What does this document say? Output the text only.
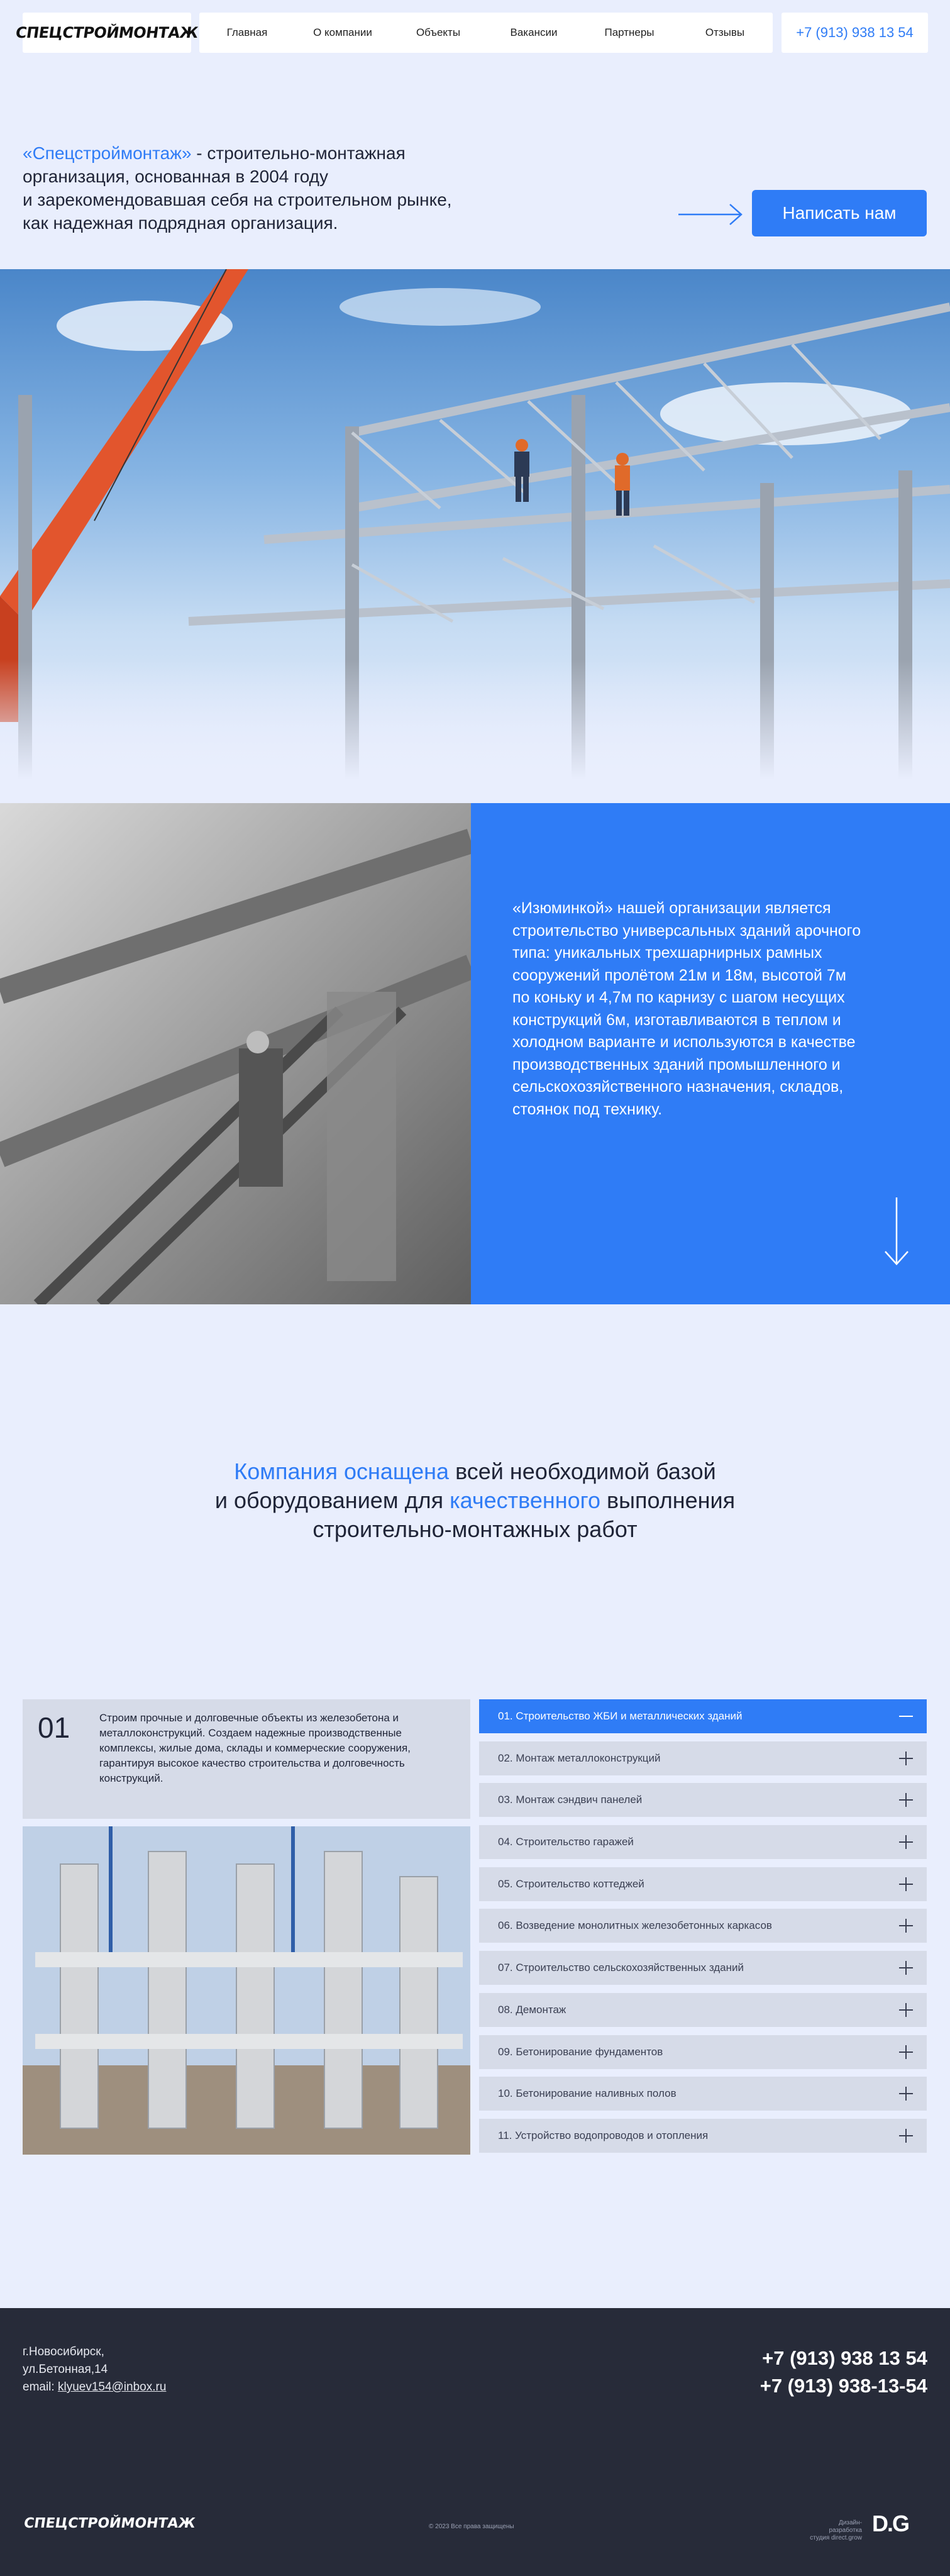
СПЕЦСТРОЙМОНТАЖ	Главная	О компании	Объекты	Вакансии	Партнеры	Отзывы	+7 (913) 938 13 54
«Спецстроймонтаж» - строительно-монтажная
организация, основанная в 2004 году
и зарекомендовавшая себя на строительном рынке,
как надежная подрядная организация.
Написать нам

«Изюминкой» нашей организации является строительство универсальных зданий арочного типа: уникальных трехшарнирных рамных сооружений пролётом 21м и 18м, высотой 7м по коньку и 4,7м по карнизу с шагом несущих конструкций 6м, изготавливаются в теплом и холодном варианте и используются в качестве производственных зданий промышленного и сельскохозяйственного назначения, складов, стоянок под технику.

Компания оснащена всей необходимой базой
и оборудованием для качественного выполнения
строительно-монтажных работ
01	Строим прочные и долговечные объекты из железобетона и металлоконструкций. Создаем надежные производственные комплексы, жилые дома, склады и коммерческие сооружения, гарантируя высокое качество строительства и долговечность конструкций.

01. Строительство ЖБИ и металлических зданий
02. Монтаж металлоконструкций
03. Монтаж сэндвич панелей
04. Строительство гаражей
05. Строительство коттеджей
06. Возведение монолитных железобетонных каркасов
07. Строительство сельскохозяйственных зданий
08. Демонтаж
09. Бетонирование фундаментов
10. Бетонирование наливных полов
11. Устройство водопроводов и отопления
г.Новосибирск,
ул.Бетонная,14
email: klyuev154@inbox.ru
+7 (913) 938 13 54
+7 (913) 938-13-54
СПЕЦСТРОЙМОНТАЖ	© 2023 Все права защищены
Дизайн-разработка
студия direct.grow
D.G
